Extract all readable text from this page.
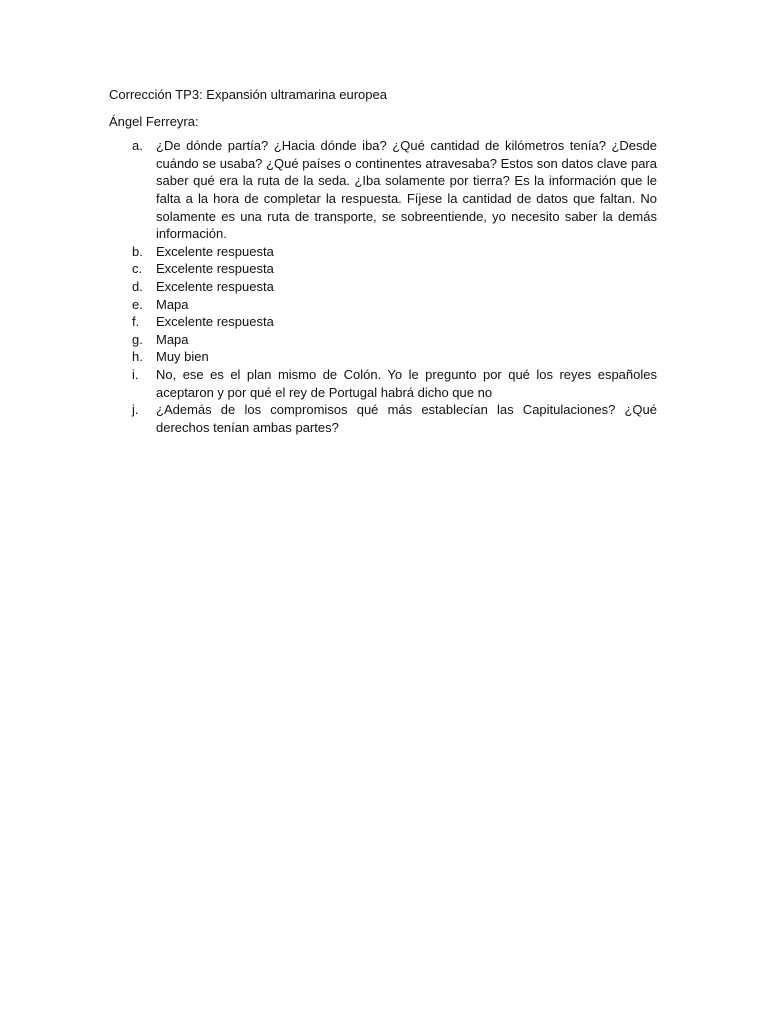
Corrección TP3: Expansión ultramarina europea

Ángel Ferreyra:

a.	¿De dónde partía? ¿Hacia dónde iba? ¿Qué cantidad de kilómetros tenía? ¿Desde cuándo se usaba? ¿Qué países o continentes atravesaba? Estos son datos clave para saber qué era la ruta de la seda. ¿Iba solamente por tierra? Es la información que le falta a la hora de completar la respuesta. Fíjese la cantidad de datos que faltan. No solamente es una ruta de transporte, se sobreentiende, yo necesito saber la demás información.
b.	Excelente respuesta
c.	Excelente respuesta
d.	Excelente respuesta
e.	Mapa
f.	Excelente respuesta
g.	Mapa
h.	Muy bien
i.	No, ese es el plan mismo de Colón. Yo le pregunto por qué los reyes españoles aceptaron y por qué el rey de Portugal habrá dicho que no
j.	¿Además de los compromisos qué más establecían las Capitulaciones? ¿Qué derechos tenían ambas partes?
